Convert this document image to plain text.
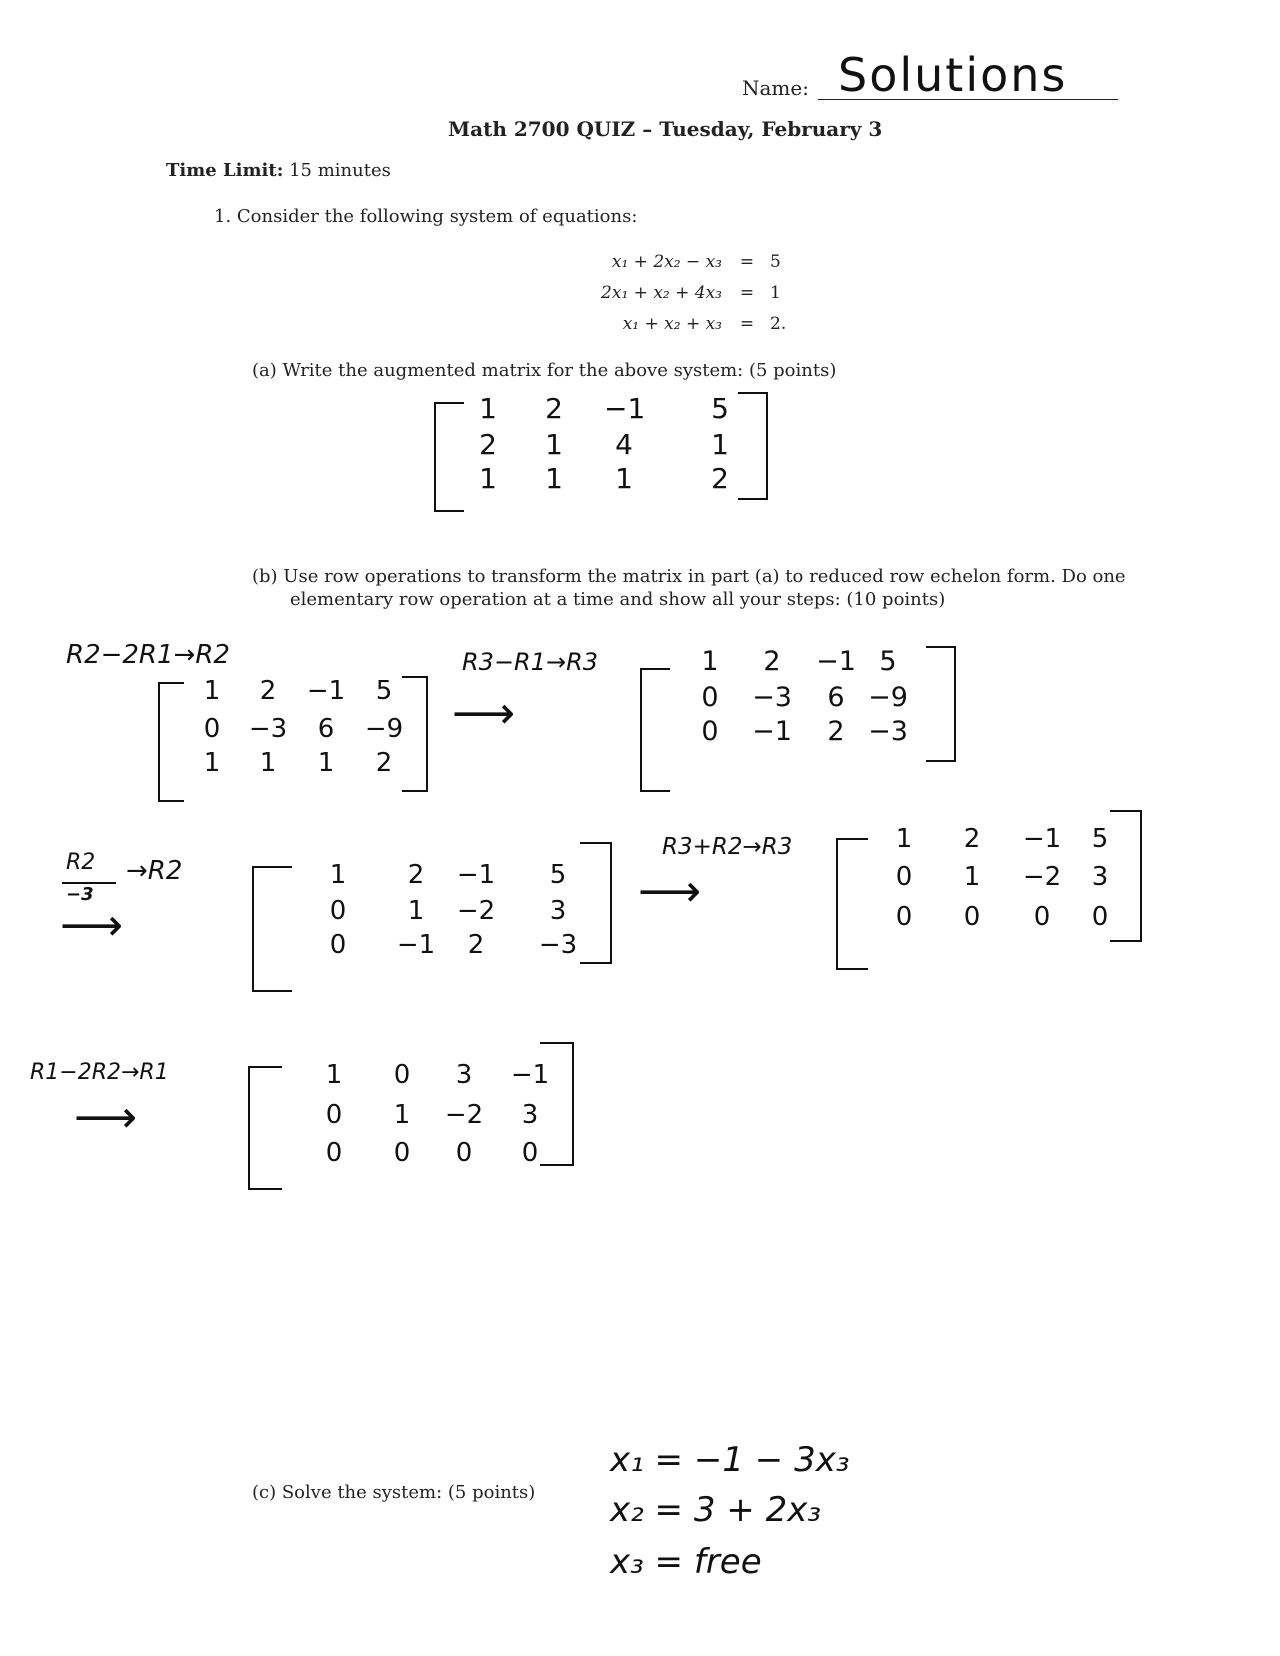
Name: Solutions
Math 2700 QUIZ – Tuesday, February 3
Time Limit: 15 minutes
1. Consider the following system of equations:
x₁ + 2x₂ − x₃	= 5
2x₁ + x₂ + 4x₃	= 1
x₁ + x₂ + x₃	= 2.
(a) Write the augmented matrix for the above system: (5 points)
1	2	−1	5
2	1	4	1
1	1	1	2
(b) Use row operations to transform the matrix in part (a) to reduced row echelon form. Do one
elementary row operation at a time and show all your steps: (10 points)
R2−2R1→R2
1	2	−1	5
0	−3	6	−9
1	1	1	2
R3−R1→R3
⟶
1	2	−1 5
0	−3	6 −9
0	−1	2 −3
R2
−3
→R2
⟶
1	2	−1	5
0	1	−2	3
0	−1	2	−3
R3+R2→R3
⟶
1	2	−1	5
0	1	−2	3
0	0	0	0
R1−2R2→R1
⟶
1	0	3	−1
0	1	−2	3
0	0	0	0
(c) Solve the system: (5 points)
x₁ = −1 − 3x₃
x₂ = 3 + 2x₃
x₃ = free
